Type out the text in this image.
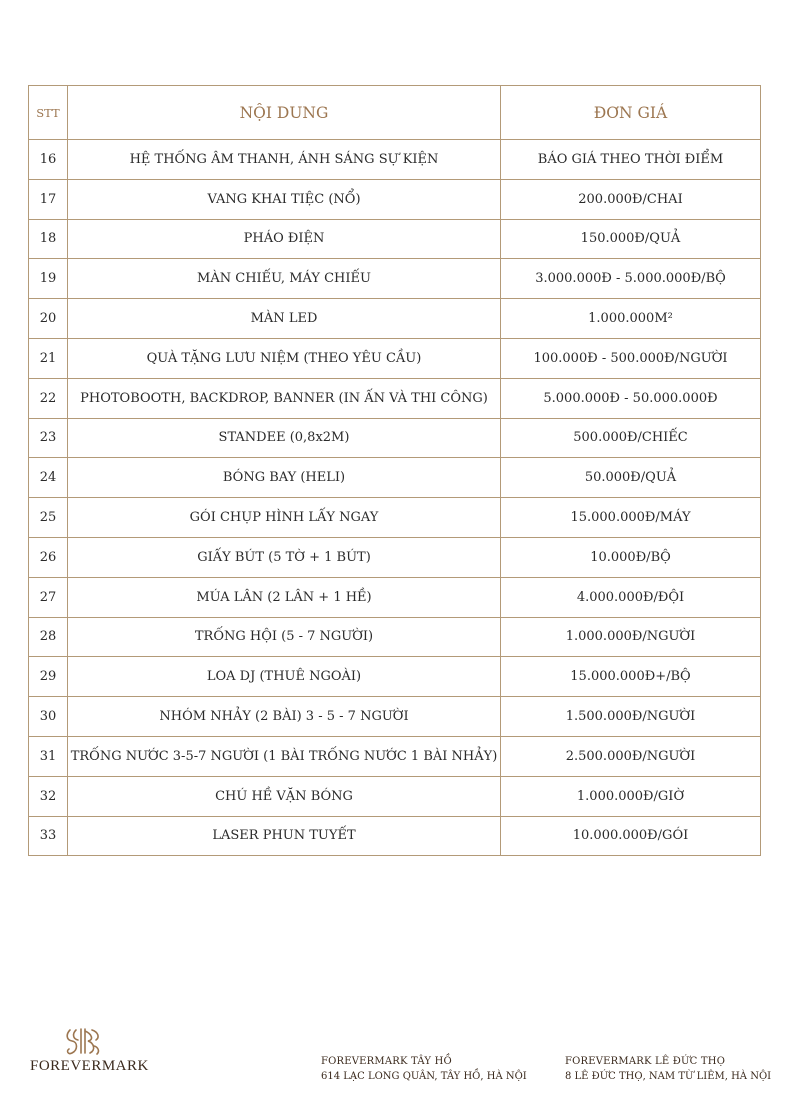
STT	NỘI DUNG	ĐƠN GIÁ
16	HỆ THỐNG ÂM THANH, ÁNH SÁNG SỰ KIỆN	BÁO GIÁ THEO THỜI ĐIỂM
17	VANG KHAI TIỆC (NỔ)	200.000Đ/CHAI
18	PHÁO ĐIỆN	150.000Đ/QUẢ
19	MÀN CHIẾU, MÁY CHIẾU	3.000.000Đ - 5.000.000Đ/BỘ
20	MÀN LED	1.000.000M²
21	QUÀ TẶNG LƯU NIỆM (THEO YÊU CẦU)	100.000Đ - 500.000Đ/NGƯỜI
22	PHOTOBOOTH, BACKDROP, BANNER (IN ẤN VÀ THI CÔNG)	5.000.000Đ - 50.000.000Đ
23	STANDEE (0,8x2M)	500.000Đ/CHIẾC
24	BÓNG BAY (HELI)	50.000Đ/QUẢ
25	GÓI CHỤP HÌNH LẤY NGAY	15.000.000Đ/MÁY
26	GIẤY BÚT (5 TỜ + 1 BÚT)	10.000Đ/BỘ
27	MÚA LÂN (2 LÂN + 1 HỀ)	4.000.000Đ/ĐỘI
28	TRỐNG HỘI (5 - 7 NGƯỜI)	1.000.000Đ/NGƯỜI
29	LOA DJ (THUÊ NGOÀI)	15.000.000Đ+/BỘ
30	NHÓM NHẢY (2 BÀI) 3 - 5 - 7 NGƯỜI	1.500.000Đ/NGƯỜI
31	TRỐNG NƯỚC 3-5-7 NGƯỜI (1 BÀI TRỐNG NƯỚC 1 BÀI NHẢY)	2.500.000Đ/NGƯỜI
32	CHÚ HỀ VẶN BÓNG	1.000.000Đ/GIỜ
33	LASER PHUN TUYẾT	10.000.000Đ/GÓI
FOREVERMARK	FOREVERMARK TÂY HỒ
614 LẠC LONG QUÂN, TÂY HỒ, HÀ NỘI
FOREVERMARK LÊ ĐỨC THỌ
8 LÊ ĐỨC THỌ, NAM TỪ LIÊM, HÀ NỘI
